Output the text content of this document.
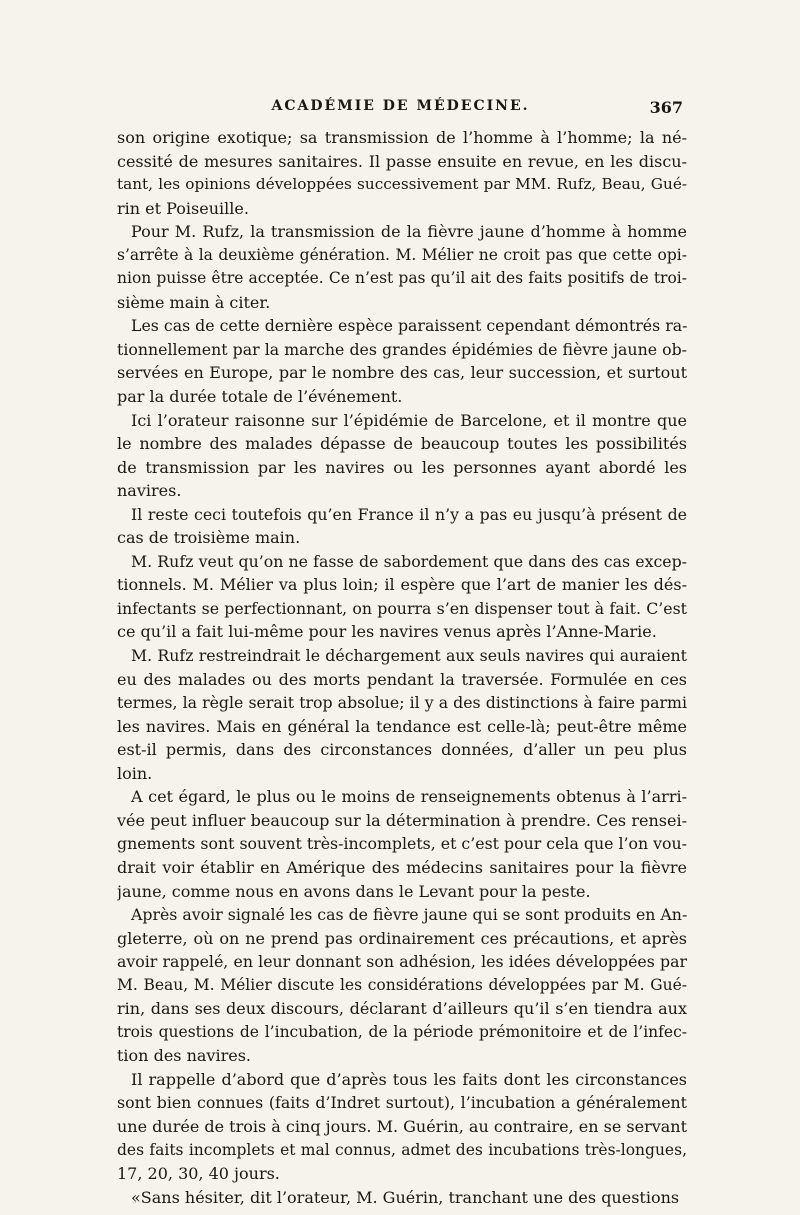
ACADÉMIE DE MÉDECINE.	367
son origine exotique; sa transmission de l’homme à l’homme; la né-
cessité de mesures sanitaires. Il passe ensuite en revue, en les discu-
tant, les opinions développées successivement par MM. Rufz, Beau, Gué-
rin et Poiseuille.
Pour M. Rufz, la transmission de la fièvre jaune d’homme à homme
s’arrête à la deuxième génération. M. Mélier ne croit pas que cette opi-
nion puisse être acceptée. Ce n’est pas qu’il ait des faits positifs de troi-
sième main à citer.
Les cas de cette dernière espèce paraissent cependant démontrés ra-
tionnellement par la marche des grandes épidémies de fièvre jaune ob-
servées en Europe, par le nombre des cas, leur succession, et surtout
par la durée totale de l’événement.
Ici l’orateur raisonne sur l’épidémie de Barcelone, et il montre que
le nombre des malades dépasse de beaucoup toutes les possibilités
de transmission par les navires ou les personnes ayant abordé les
navires.
Il reste ceci toutefois qu’en France il n’y a pas eu jusqu’à présent de
cas de troisième main.
M. Rufz veut qu’on ne fasse de sabordement que dans des cas excep-
tionnels. M. Mélier va plus loin; il espère que l’art de manier les dés-
infectants se perfectionnant, on pourra s’en dispenser tout à fait. C’est
ce qu’il a fait lui-même pour les navires venus après l’Anne-Marie.
M. Rufz restreindrait le déchargement aux seuls navires qui auraient
eu des malades ou des morts pendant la traversée. Formulée en ces
termes, la règle serait trop absolue; il y a des distinctions à faire parmi
les navires. Mais en général la tendance est celle-là; peut-être même
est-il permis, dans des circonstances données, d’aller un peu plus
loin.
A cet égard, le plus ou le moins de renseignements obtenus à l’arri-
vée peut influer beaucoup sur la détermination à prendre. Ces rensei-
gnements sont souvent très-incomplets, et c’est pour cela que l’on vou-
drait voir établir en Amérique des médecins sanitaires pour la fièvre
jaune, comme nous en avons dans le Levant pour la peste.
Après avoir signalé les cas de fièvre jaune qui se sont produits en An-
gleterre, où on ne prend pas ordinairement ces précautions, et après
avoir rappelé, en leur donnant son adhésion, les idées développées par
M. Beau, M. Mélier discute les considérations développées par M. Gué-
rin, dans ses deux discours, déclarant d’ailleurs qu’il s’en tiendra aux
trois questions de l’incubation, de la période prémonitoire et de l’infec-
tion des navires.
Il rappelle d’abord que d’après tous les faits dont les circonstances
sont bien connues (faits d’Indret surtout), l’incubation a généralement
une durée de trois à cinq jours. M. Guérin, au contraire, en se servant
des faits incomplets et mal connus, admet des incubations très-longues,
17, 20, 30, 40 jours.
«Sans hésiter, dit l’orateur, M. Guérin, tranchant une des questions
